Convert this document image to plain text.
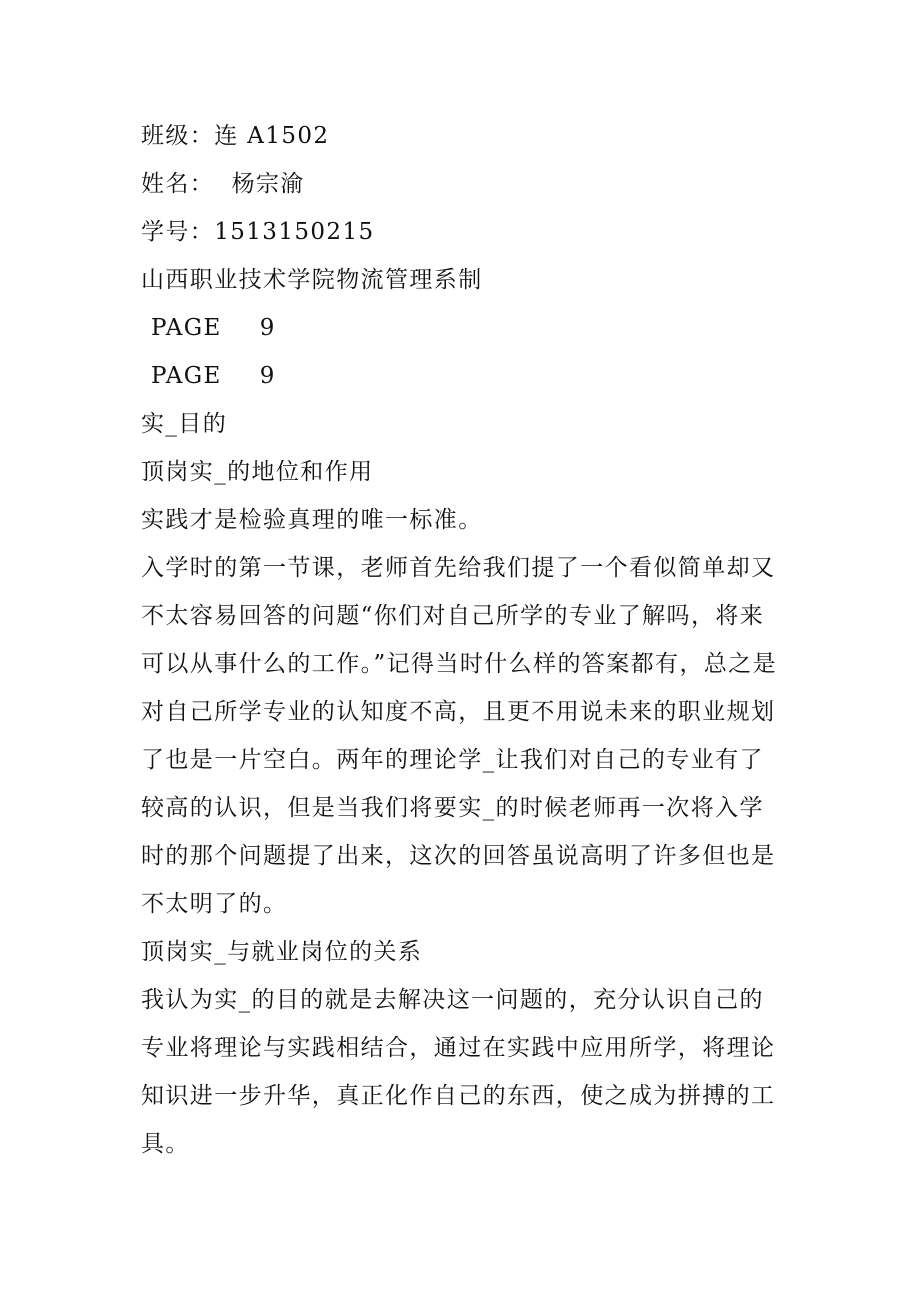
班级：连 A1502

姓名：  杨宗渝

学号：1513150215

山西职业技术学院物流管理系制

PAGE 9

PAGE 9

实_目的

顶岗实_的地位和作用

实践才是检验真理的唯一标准。

入学时的第一节课，老师首先给我们提了一个看似简单却又不太容易回答的问题“你们对自己所学的专业了解吗，将来可以从事什么的工作。”记得当时什么样的答案都有，总之是对自己所学专业的认知度不高，且更不用说未来的职业规划了也是一片空白。两年的理论学_让我们对自己的专业有了较高的认识，但是当我们将要实_的时候老师再一次将入学时的那个问题提了出来，这次的回答虽说高明了许多但也是不太明了的。

顶岗实_与就业岗位的关系

我认为实_的目的就是去解决这一问题的，充分认识自己的专业将理论与实践相结合，通过在实践中应用所学，将理论知识进一步升华，真正化作自己的东西，使之成为拼搏的工具。
